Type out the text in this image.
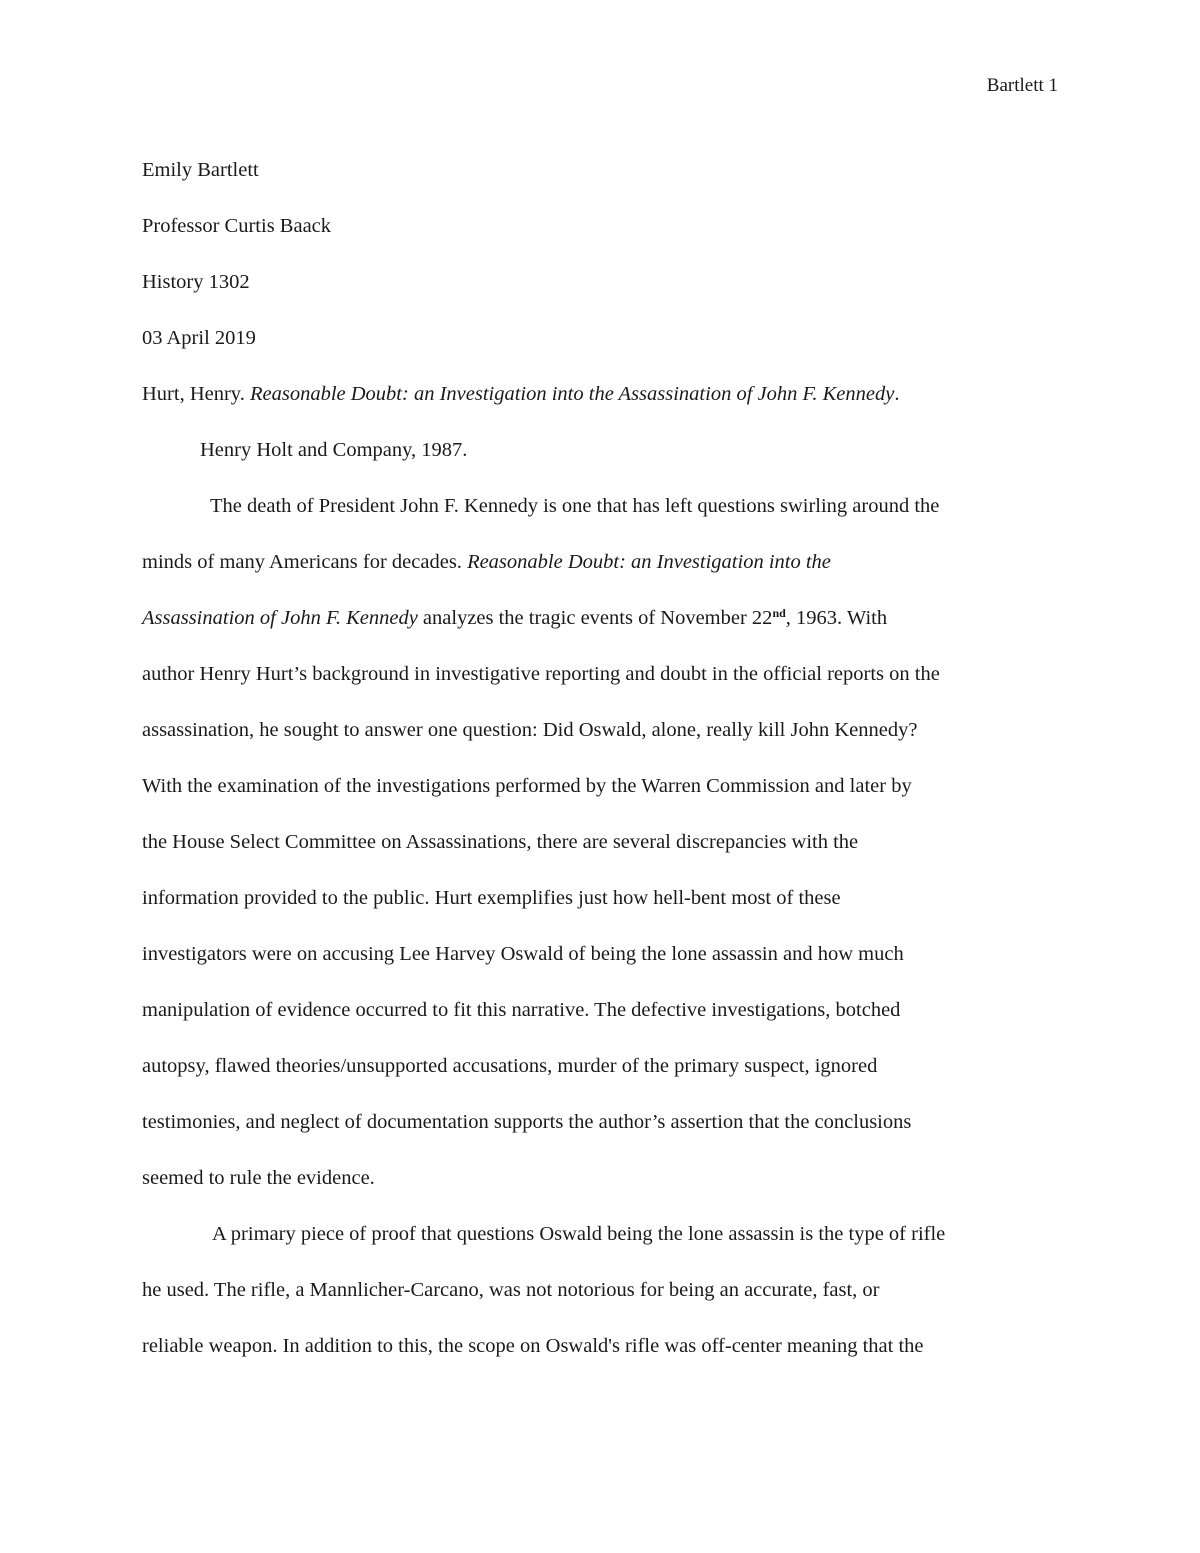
Bartlett 1
Emily Bartlett
Professor Curtis Baack
History 1302
03 April 2019
Hurt, Henry. Reasonable Doubt: an Investigation into the Assassination of John F. Kennedy.
Henry Holt and Company, 1987.
The death of President John F. Kennedy is one that has left questions swirling around the
minds of many Americans for decades. Reasonable Doubt: an Investigation into the
Assassination of John F. Kennedy analyzes the tragic events of November 22nd, 1963. With
author Henry Hurt’s background in investigative reporting and doubt in the official reports on the
assassination, he sought to answer one question: Did Oswald, alone, really kill John Kennedy?
With the examination of the investigations performed by the Warren Commission and later by
the House Select Committee on Assassinations, there are several discrepancies with the
information provided to the public. Hurt exemplifies just how hell-bent most of these
investigators were on accusing Lee Harvey Oswald of being the lone assassin and how much
manipulation of evidence occurred to fit this narrative. The defective investigations, botched
autopsy, flawed theories/unsupported accusations, murder of the primary suspect, ignored
testimonies, and neglect of documentation supports the author’s assertion that the conclusions
seemed to rule the evidence.
A primary piece of proof that questions Oswald being the lone assassin is the type of rifle
he used. The rifle, a Mannlicher-Carcano, was not notorious for being an accurate, fast, or
reliable weapon. In addition to this, the scope on Oswald's rifle was off-center meaning that the
